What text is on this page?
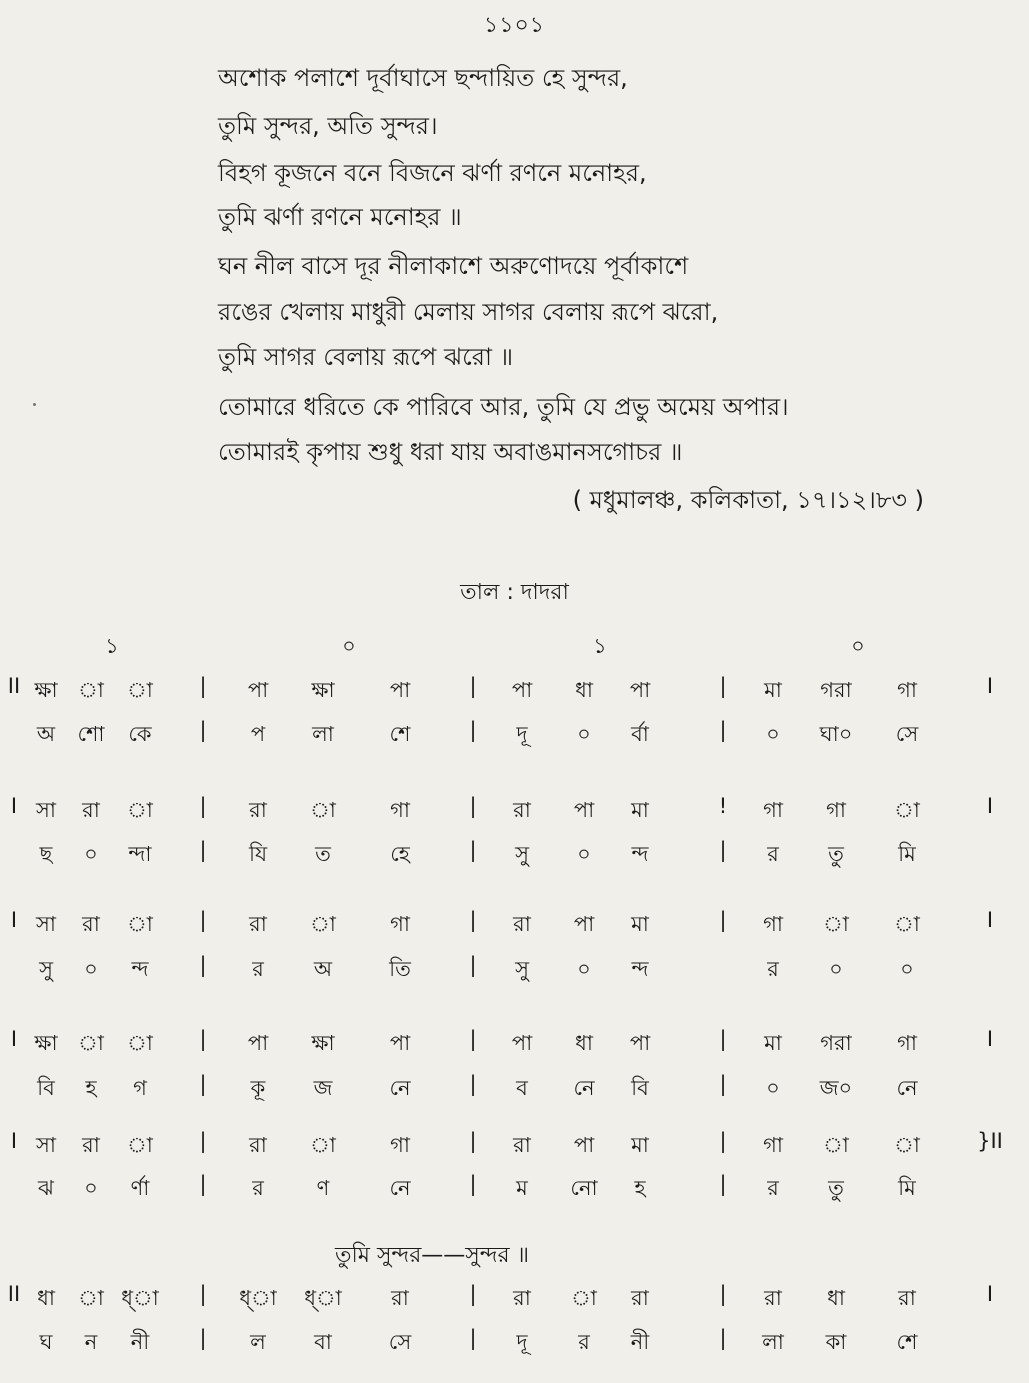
১১০১
অশোক পলাশে দূর্বাঘাসে ছন্দায়িত হে সুন্দর,
তুমি সুন্দর, অতি সুন্দর।
বিহগ কূজনে বনে বিজনে ঝর্ণা রণনে মনোহর,
তুমি ঝর্ণা রণনে মনোহর ॥
ঘন নীল বাসে দূর নীলাকাশে অরুণোদয়ে পূর্বাকাশে
রঙের খেলায় মাধুরী মেলায় সাগর বেলায় রূপে ঝরো,
তুমি সাগর বেলায় রূপে ঝরো ॥
তোমারে ধরিতে কে পারিবে আর, তুমি যে প্রভু অমেয় অপার।
তোমারই কৃপায় শুধু ধরা যায় অবাঙমানসগোচর ॥
( মধুমালঞ্চ, কলিকাতা, ১৭।১২।৮৩ )
তাল : দাদরা
১	০	১	০
II ক্ষা া া | পা ক্ষা	পা	| পা ধা পা	| মা গরা গা	I
অ শো কে | প লা	শে	| দূ ০ র্বা	| ০ ঘা০ সে
I সা রা া | রা া	গা	| রা পা মা	! গা গা া	I
ছ ০ ন্দা | যি ত	হে	| সু ০ ন্দ	| র তু	মি
I সা রা া | রা া	গা	| রা পা মা	| গা া া	I
সু ০ ন্দ | র অ	তি	| সু ০ ন্দ	র ০	০
I ক্ষা া া | পা ক্ষা	পা	| পা ধা পা	| মা গরা গা	I
বি হ গ	| কূ জ	নে	| ব নে বি	| ০ জ০ নে
I সা রা া | রা া	গা	| রা পা মা	| গা া া	}II
ঝ ০ র্ণা | র	ণ	নে	| ম নো হ	| র তু	মি
II ধা া ধ্া | ধ্া ধ্া রা	| রা া রা	| রা ধা	রা	I
ঘ ন নী | ল বা	সে	| দূ র নী	| লা কা শে
তুমি সুন্দর——সুন্দর ॥
